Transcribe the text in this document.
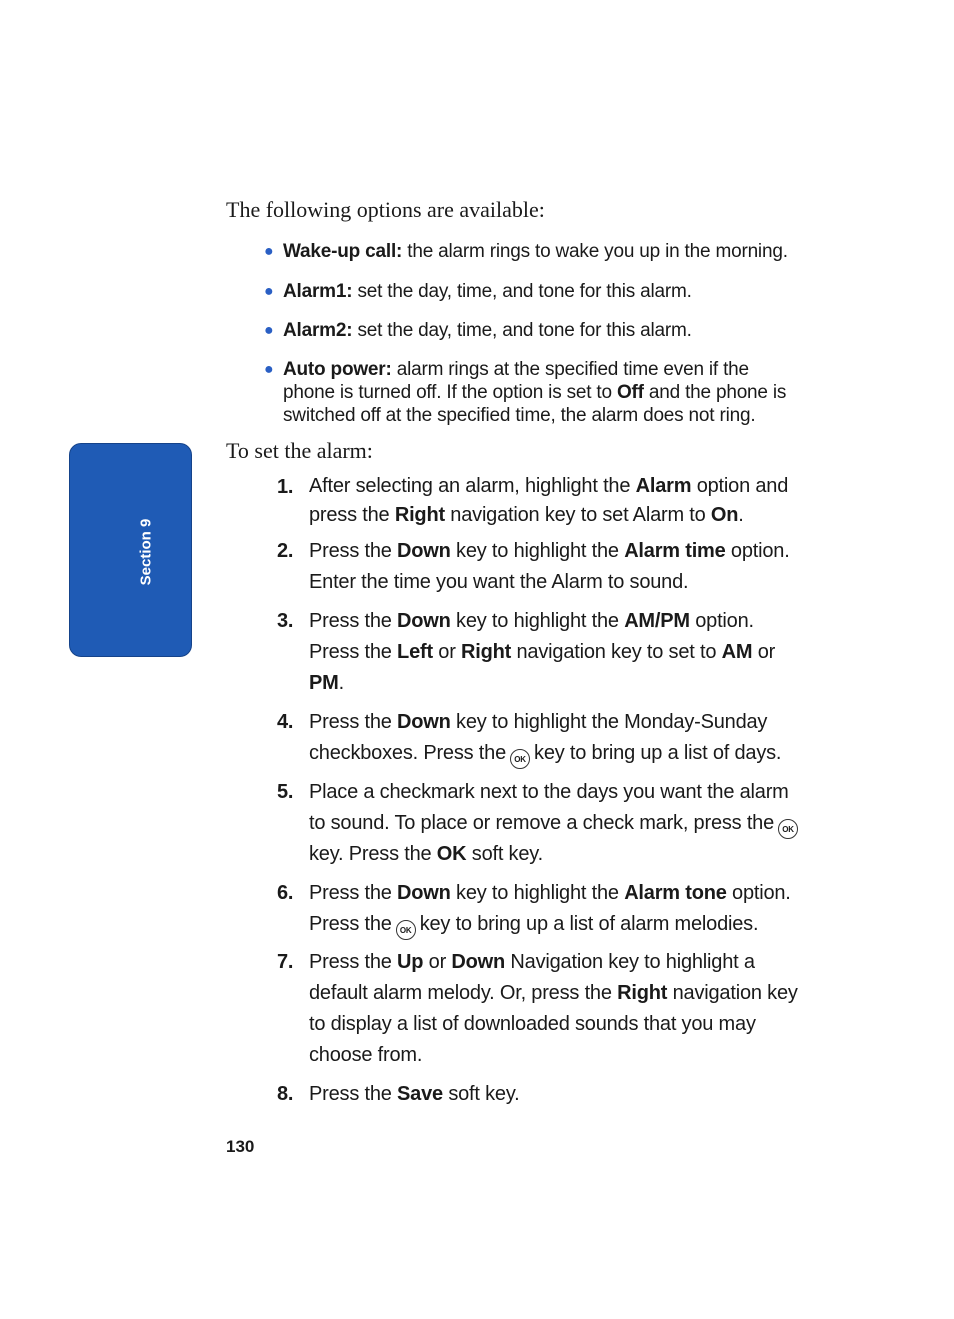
Section 9
The following options are available:
● Wake-up call: the alarm rings to wake you up in the morning.
● Alarm1: set the day, time, and tone for this alarm.
● Alarm2: set the day, time, and tone for this alarm.
● Auto power: alarm rings at the specified time even if the phone is turned off. If the option is set to Off and the phone is switched off at the specified time, the alarm does not ring.
To set the alarm:
1. After selecting an alarm, highlight the Alarm option and press the Right navigation key to set Alarm to On.
2. Press the Down key to highlight the Alarm time option. Enter the time you want the Alarm to sound.
3. Press the Down key to highlight the AM/PM option. Press the Left or Right navigation key to set to AM or PM.
4. Press the Down key to highlight the Monday-Sunday checkboxes. Press the OK key to bring up a list of days.
5. Place a checkmark next to the days you want the alarm to sound. To place or remove a check mark, press the OKkey. Press the OK soft key.
6. Press the Down key to highlight the Alarm tone option. Press the OK key to bring up a list of alarm melodies.
7. Press the Up or Down Navigation key to highlight a default alarm melody. Or, press the Right navigation key to display a list of downloaded sounds that you may choose from.
8. Press the Save soft key.
130
